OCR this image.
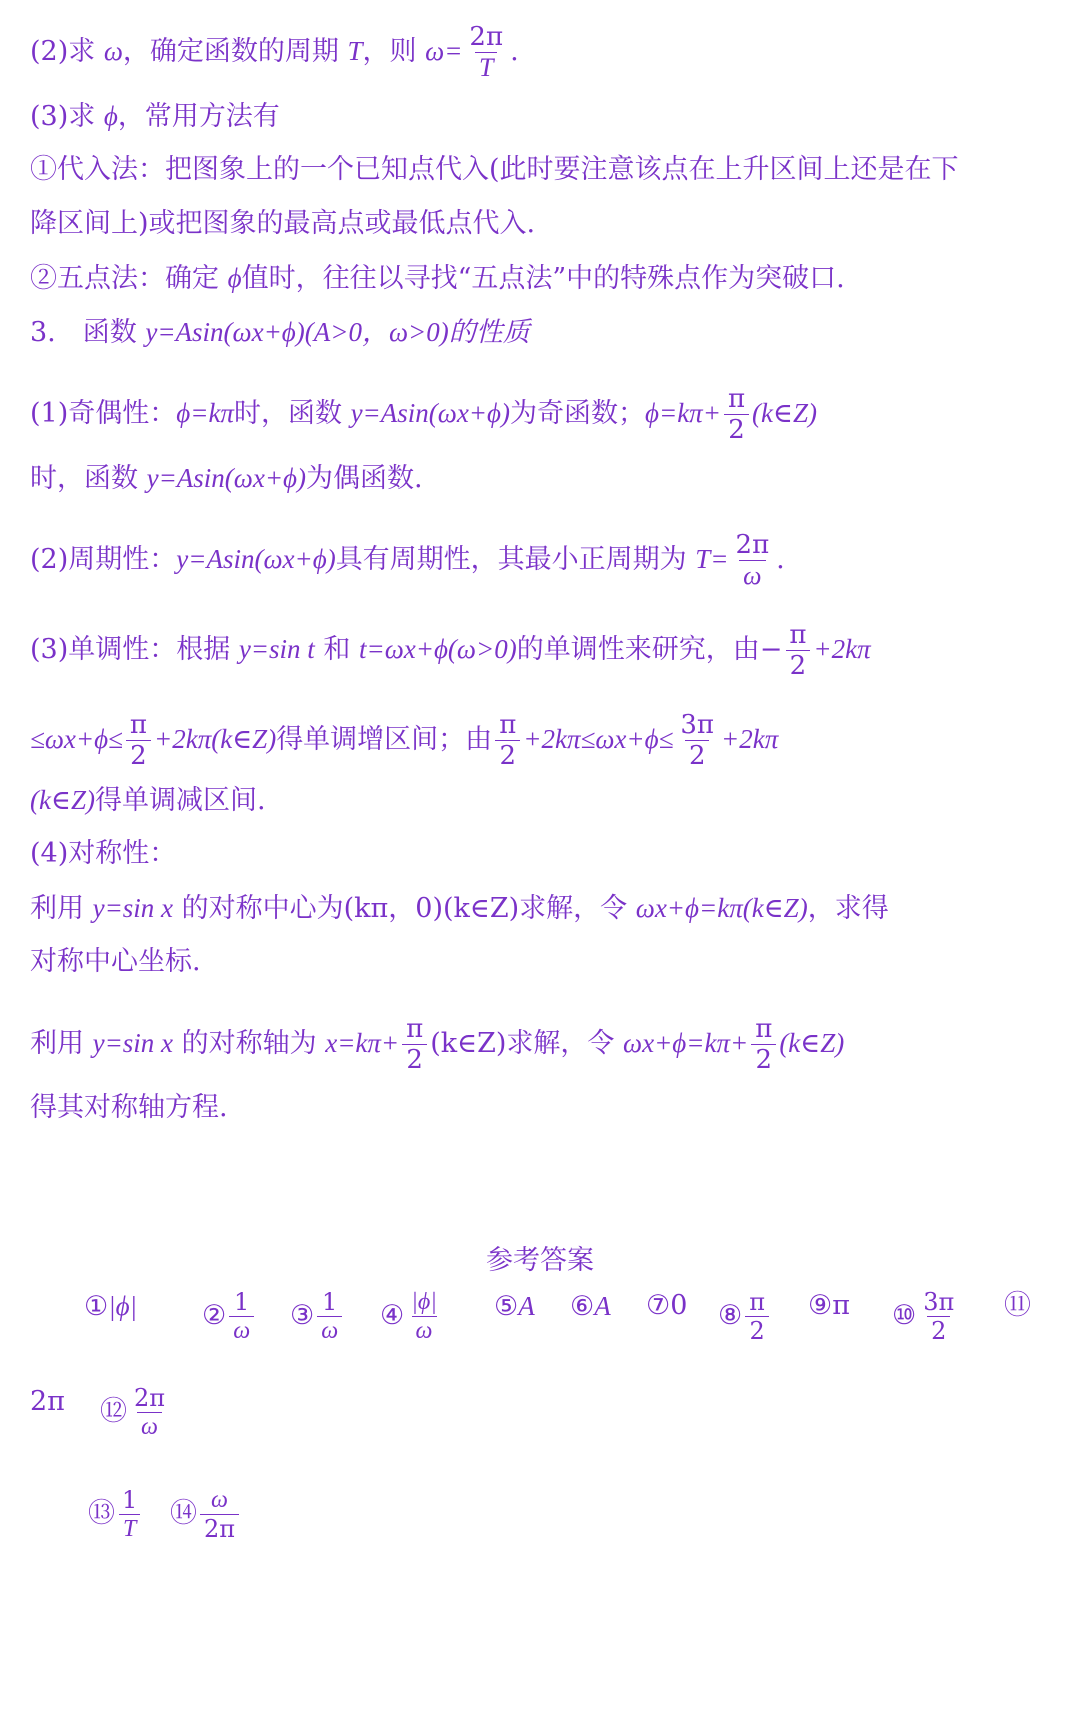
(2)求 ω，确定函数的周期 T，则 $\omega= \frac{2\pi}{T}$ .
(3)求 ϕ，常用方法有
①代入法：把图象上的一个已知点代入(此时要注意该点在上升区间上还是在下
降区间上)或把图象的最高点或最低点代入.
②五点法：确定 ϕ值时，往往以寻找“五点法”中的特殊点作为突破口.
3.　函数 y=Asin(ωx+ϕ)(A>0，ω>0)的性质
(1)奇偶性：ϕ=kπ时，函数 y=Asin(ωx+ϕ)为奇函数；$\phi=k\pi+ \frac{\pi}{2}$ (k∈Z)
时，函数 y=Asin(ωx+ϕ)为偶函数.
(2)周期性：y=Asin(ωx+ϕ)具有周期性，其最小正周期为 $T= \frac{2\pi}{\omega}$ .
(3)单调性：根据 y=sin t 和 t=ωx+ϕ(ω>0)的单调性来研究，由− $\frac{\pi}{2} +2k\pi$
$\le\omega x+\phi\le \frac{\pi}{2}$ +2kπ(k∈Z)得单调增区间；由 $\frac{\pi}{2} +2k\pi\le\omega x+\phi\le \frac{3\pi}{2} +2k\pi$
(k∈Z)得单调减区间.
(4)对称性：
利用 y=sin x 的对称中心为(kπ，0)(k∈Z)求解，令 ωx+ϕ=kπ(k∈Z)，求得
对称中心坐标.
利用 y=sin x 的对称轴为 $x=k\pi+ \frac{\pi}{2}$ (k∈Z)求解，令 $\omega x+\phi=k\pi+ \frac{\pi}{2}$ (k∈Z)
得其对称轴方程.
参考答案
①|ϕ| ② $\frac{1}{\omega}$ ③ $\frac{1}{\omega}$ ④ $\frac{|\phi|}{\omega}$ ⑤A ⑥A ⑦0 ⑧ $\frac{\pi}{2}$ ⑨π ⑩ $\frac{3\pi}{2}$ ⑪
2π ⑫ $\frac{2\pi}{\omega}$
⑬ $\frac{1}{T}$ ⑭ $\frac{\omega}{2\pi}$
